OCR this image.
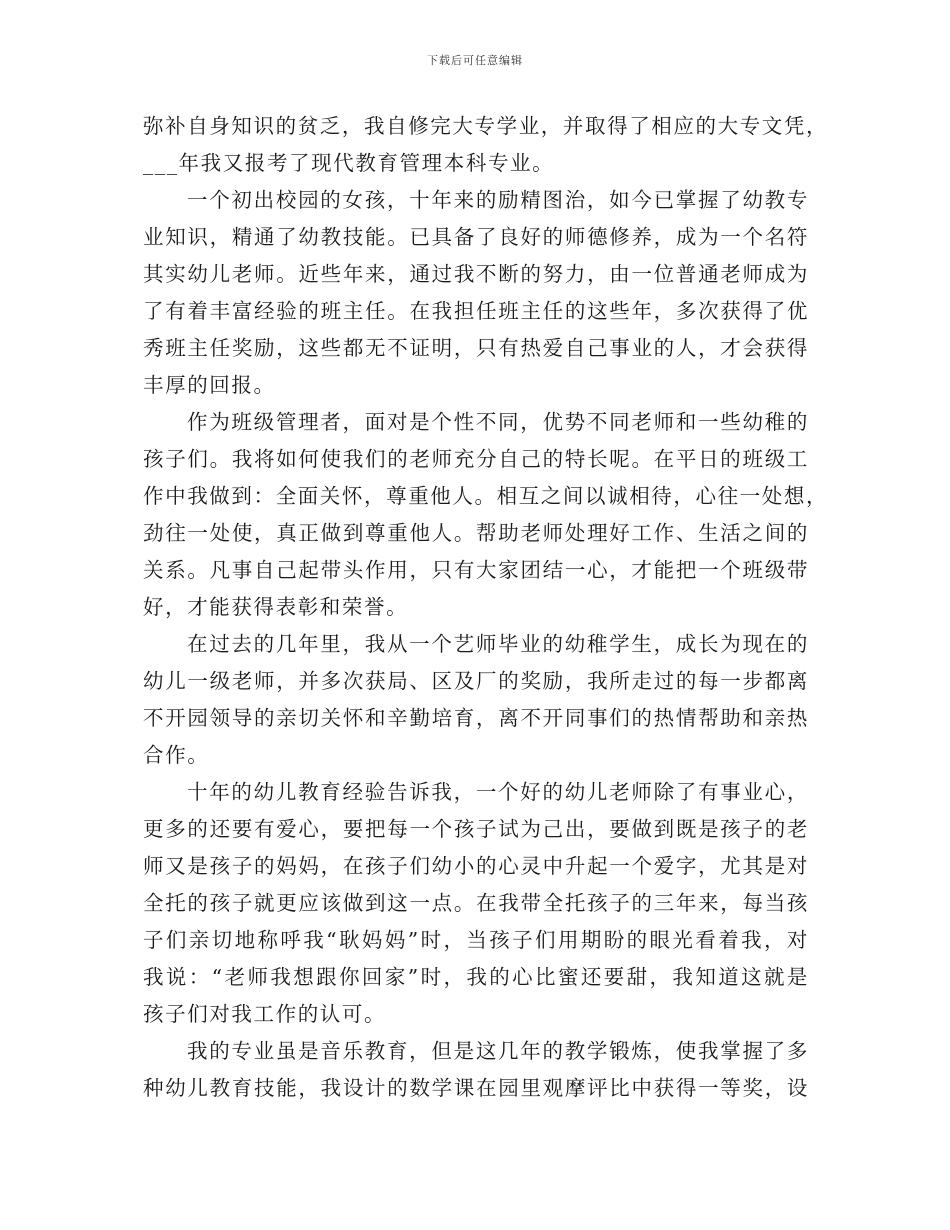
下载后可任意编辑

弥补自身知识的贫乏，我自修完大专学业，并取得了相应的大专文凭，
___年我又报考了现代教育管理本科专业。

一个初出校园的女孩，十年来的励精图治，如今已掌握了幼教专
业知识，精通了幼教技能。已具备了良好的师德修养，成为一个名符
其实幼儿老师。近些年来，通过我不断的努力，由一位普通老师成为
了有着丰富经验的班主任。在我担任班主任的这些年，多次获得了优
秀班主任奖励，这些都无不证明，只有热爱自己事业的人，才会获得
丰厚的回报。

作为班级管理者，面对是个性不同，优势不同老师和一些幼稚的
孩子们。我将如何使我们的老师充分自己的特长呢。在平日的班级工
作中我做到：全面关怀，尊重他人。相互之间以诚相待，心往一处想，
劲往一处使，真正做到尊重他人。帮助老师处理好工作、生活之间的
关系。凡事自己起带头作用，只有大家团结一心，才能把一个班级带
好，才能获得表彰和荣誉。

在过去的几年里，我从一个艺师毕业的幼稚学生，成长为现在的
幼儿一级老师，并多次获局、区及厂的奖励，我所走过的每一步都离
不开园领导的亲切关怀和辛勤培育，离不开同事们的热情帮助和亲热
合作。

十年的幼儿教育经验告诉我，一个好的幼儿老师除了有事业心，
更多的还要有爱心，要把每一个孩子试为己出，要做到既是孩子的老
师又是孩子的妈妈，在孩子们幼小的心灵中升起一个爱字，尤其是对
全托的孩子就更应该做到这一点。在我带全托孩子的三年来，每当孩
子们亲切地称呼我“耿妈妈”时，当孩子们用期盼的眼光看着我，对
我说：“老师我想跟你回家”时，我的心比蜜还要甜，我知道这就是
孩子们对我工作的认可。

我的专业虽是音乐教育，但是这几年的教学锻炼，使我掌握了多
种幼儿教育技能，我设计的数学课在园里观摩评比中获得一等奖，设
